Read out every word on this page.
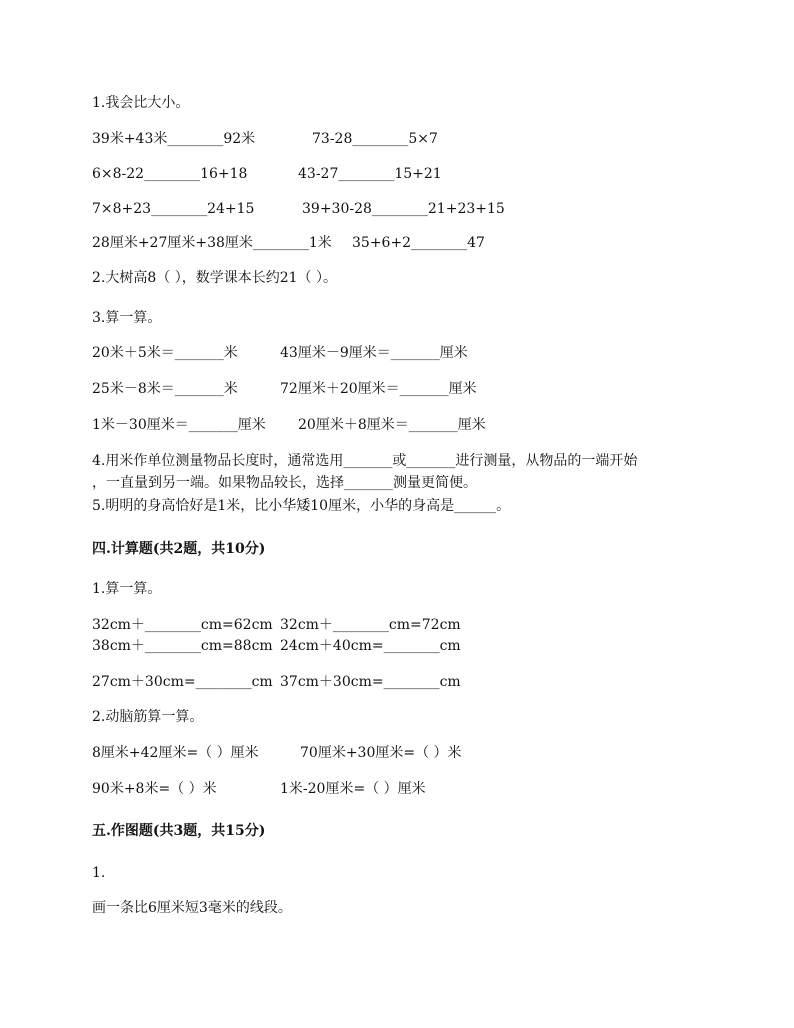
1.我会比大小。
39米+43米________92米	73-28________5×7
6×8-22________16+18	43-27________15+21
7×8+23________24+15	39+30-28________21+23+15
28厘米+27厘米+38厘米________1米 35+6+2________47
2.大树高8（ ），数学课本长约21（ ）。
3.算一算。
20米＋5米＝_______米	43厘米－9厘米＝_______厘米
25米－8米＝_______米	72厘米＋20厘米＝_______厘米
1米－30厘米＝_______厘米 20厘米＋8厘米＝_______厘米
4.用米作单位测量物品长度时，通常选用_______或_______进行测量，从物品的一端开始
，一直量到另一端。如果物品较长，选择_______测量更简便。
5.明明的身高恰好是1米，比小华矮10厘米，小华的身高是______。
四.计算题(共2题，共10分)
1.算一算。
32cm＋________cm=62cm 32cm＋________cm=72cm
38cm＋________cm=88cm 24cm＋40cm=________cm
27cm＋30cm=________cm 37cm＋30cm=________cm
2.动脑筋算一算。
8厘米+42厘米=（ ）厘米	70厘米+30厘米=（ ）米
90米+8米=（ ）米	1米-20厘米=（ ）厘米
五.作图题(共3题，共15分)
1.
画一条比6厘米短3毫米的线段。
